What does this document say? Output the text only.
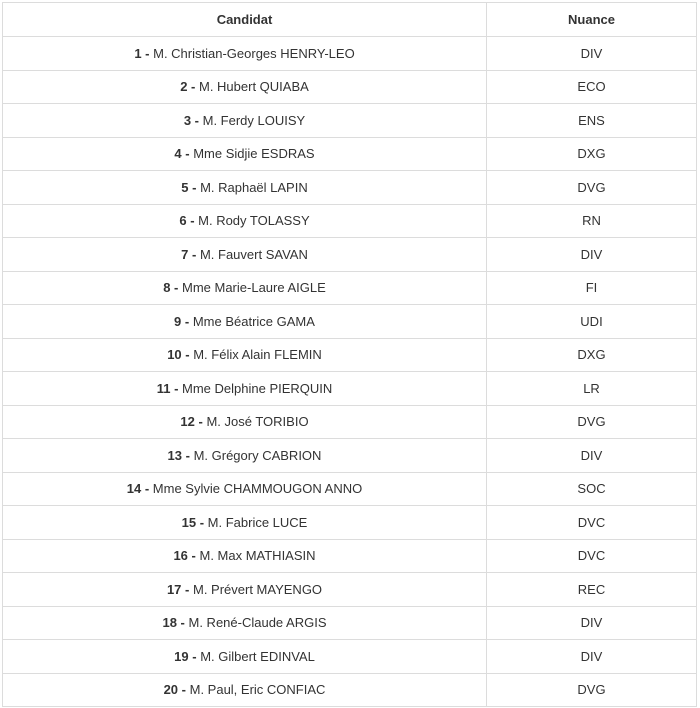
Candidat	Nuance
1 - M. Christian-Georges HENRY-LEO	DIV
2 - M. Hubert QUIABA	ECO
3 - M. Ferdy LOUISY	ENS
4 - Mme Sidjie ESDRAS	DXG
5 - M. Raphaël LAPIN	DVG
6 - M. Rody TOLASSY	RN
7 - M. Fauvert SAVAN	DIV
8 - Mme Marie-Laure AIGLE	FI
9 - Mme Béatrice GAMA	UDI
10 - M. Félix Alain FLEMIN	DXG
11 - Mme Delphine PIERQUIN	LR
12 - M. José TORIBIO	DVG
13 - M. Grégory CABRION	DIV
14 - Mme Sylvie CHAMMOUGON ANNO	SOC
15 - M. Fabrice LUCE	DVC
16 - M. Max MATHIASIN	DVC
17 - M. Prévert MAYENGO	REC
18 - M. René-Claude ARGIS	DIV
19 - M. Gilbert EDINVAL	DIV
20 - M. Paul, Eric CONFIAC	DVG
